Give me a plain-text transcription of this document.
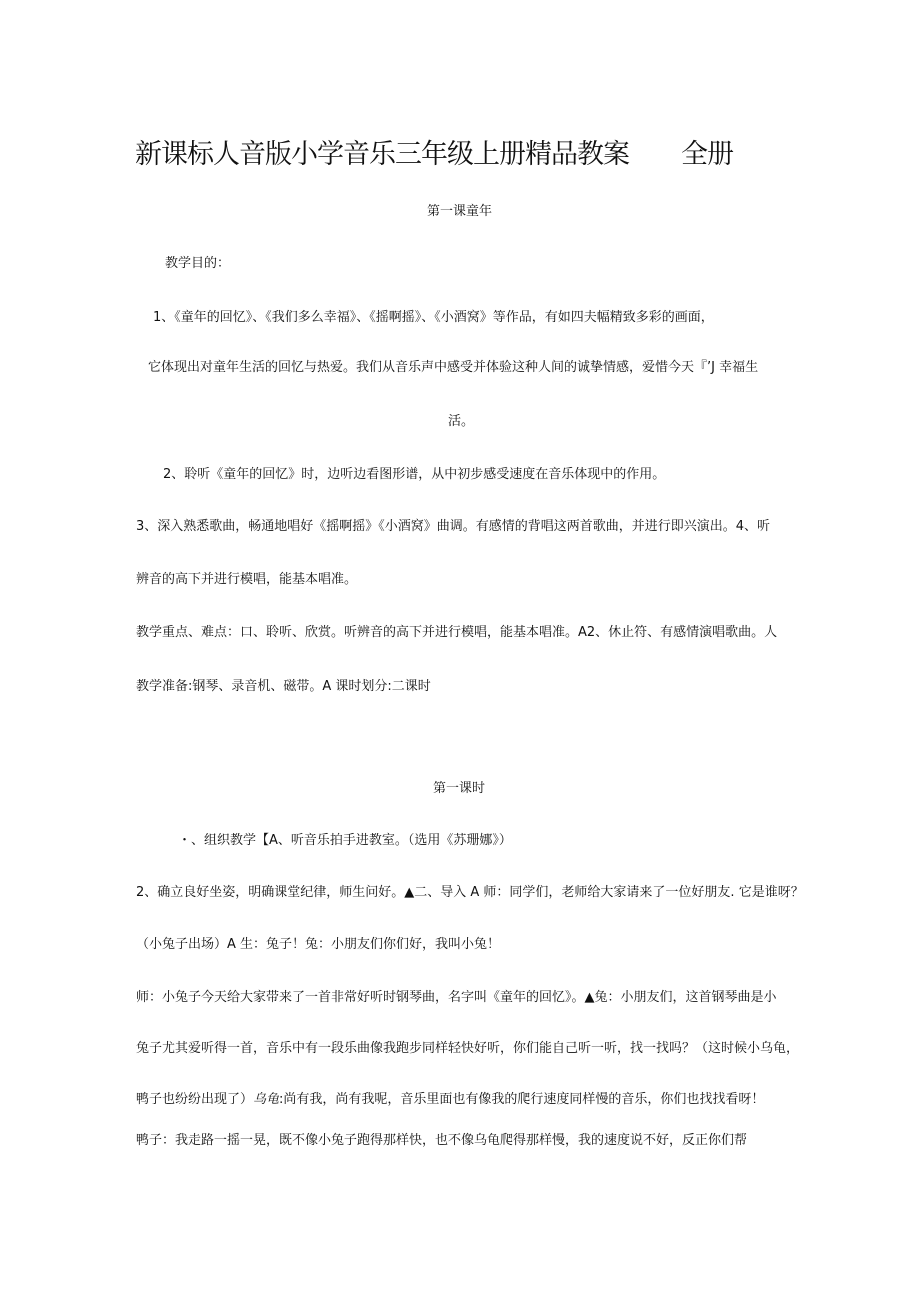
新课标人音版小学音乐三年级上册精品教案 全册
第一课童年
教学目的：
1、《童年的回忆》、《我们多么幸福》、《摇啊摇》、《小酒窝》等作品，有如四夫幅精致多彩的画面，
它体现出对童年生活的回忆与热爱。我们从音乐声中感受并体验这种人间的诚挚情感，爱惜今天『’J 幸福生
活。
2、聆听《童年的回忆》时，边听边看图形谱，从中初步感受速度在音乐体现中的作用。
3、深入熟悉歌曲，畅通地唱好《摇啊摇》《小酒窝》曲调。有感情的背唱这两首歌曲，并进行即兴演出。4、听
辨音的高下并进行模唱，能基本唱准。
教学重点、难点：口、聆听、欣赏。听辨音的高下并进行模唱，能基本唱准。A2、休止符、有感情演唱歌曲。人
教学准备:钢琴、录音机、磁带。A 课时划分:二课时
第一课时
・、组织教学【A、听音乐拍手进教室。（选用《苏珊娜》）
2、确立良好坐姿，明确课堂纪律，师生问好。▲二、导入 A 师：同学们，老师给大家请来了一位好朋友. 它是谁呀？
（小兔子出场）A 生：兔子！兔：小朋友们你们好，我叫小兔！
师：小兔子今天给大家带来了一首非常好听时钢琴曲，名字叫《童年的回忆》。▲兔：小朋友们，这首钢琴曲是小
兔子尤其爱听得一首，音乐中有一段乐曲像我跑步同样轻快好听，你们能自己听一听，找一找吗？（这时候小乌龟，
鸭子也纷纷出现了）乌龟:尚有我，尚有我呢，音乐里面也有像我的爬行速度同样慢的音乐，你们也找找看呀！
鸭子：我走路一摇一晃，既不像小兔子跑得那样快，也不像乌龟爬得那样慢，我的速度说不好，反正你们帮
